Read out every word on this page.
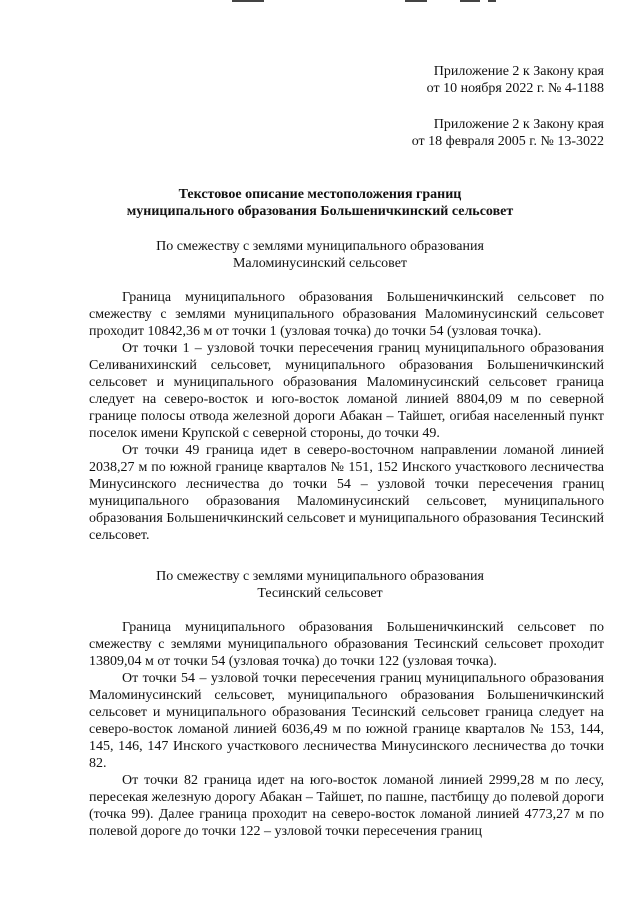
Приложение 2 к Закону края
от 10 ноября 2022 г. № 4-1188
Приложение 2 к Закону края
от 18 февраля 2005 г. № 13-3022
Текстовое описание местоположения границ
муниципального образования Большеничкинский сельсовет
По смежеству с землями муниципального образования
Маломинусинский сельсовет

Граница муниципального образования Большеничкинский сельсовет по смежеству с землями муниципального образования Маломинусинский сельсовет проходит 10842,36 м от точки 1 (узловая точка) до точки 54 (узловая точка).

От точки 1 – узловой точки пересечения границ муниципального образования Селиванихинский сельсовет, муниципального образования Большеничкинский сельсовет и муниципального образования Маломинусинский сельсовет граница следует на северо-восток и юго-восток ломаной линией 8804,09 м по северной границе полосы отвода железной дороги Абакан – Тайшет, огибая населенный пункт поселок имени Крупской с северной стороны, до точки 49.

От точки 49 граница идет в северо-восточном направлении ломаной линией 2038,27 м по южной границе кварталов № 151, 152 Инского участкового лесничества Минусинского лесничества до точки 54 – узловой точки пересечения границ муниципального образования Маломинусинский сельсовет, муниципального образования Большеничкинский сельсовет и муниципального образования Тесинский сельсовет.

По смежеству с землями муниципального образования
Тесинский сельсовет

Граница муниципального образования Большеничкинский сельсовет по смежеству с землями муниципального образования Тесинский сельсовет проходит 13809,04 м от точки 54 (узловая точка) до точки 122 (узловая точка).

От точки 54 – узловой точки пересечения границ муниципального образования Маломинусинский сельсовет, муниципального образования Большеничкинский сельсовет и муниципального образования Тесинский сельсовет граница следует на северо-восток ломаной линией 6036,49 м по южной границе кварталов № 153, 144, 145, 146, 147 Инского участкового лесничества Минусинского лесничества до точки 82.

От точки 82 граница идет на юго-восток ломаной линией 2999,28 м по лесу, пересекая железную дорогу Абакан – Тайшет, по пашне, пастбищу до полевой дороги (точка 99). Далее граница проходит на северо-восток ломаной линией 4773,27 м по полевой дороге до точки 122 – узловой точки пересечения границ
